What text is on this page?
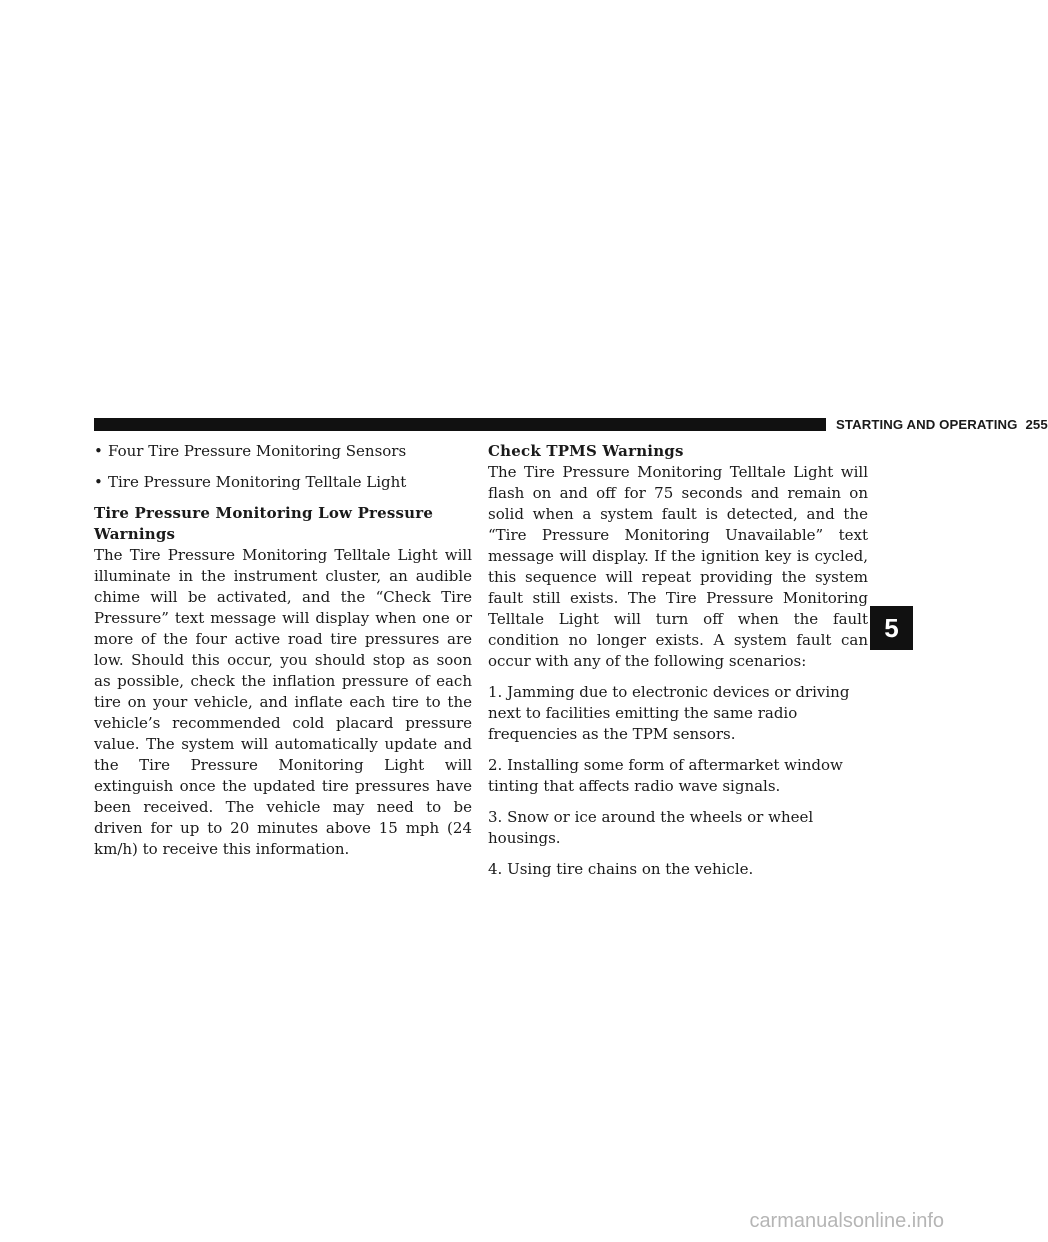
STARTING AND OPERATING 255
• Four Tire Pressure Monitoring Sensors
• Tire Pressure Monitoring Telltale Light
Tire Pressure Monitoring Low Pressure Warnings

The Tire Pressure Monitoring Telltale Light will illuminate in the instrument cluster, an audible chime will be activated, and the “Check Tire Pressure” text message will display when one or more of the four active road tire pressures are low. Should this occur, you should stop as soon as possible, check the inflation pressure of each tire on your vehicle, and inflate each tire to the vehicle’s recommended cold placard pressure value. The system will automatically update and the Tire Pressure Monitoring Light will extinguish once the updated tire pressures have been received. The vehicle may need to be driven for up to 20 minutes above 15 mph (24 km/h) to receive this information.

Check TPMS Warnings

The Tire Pressure Monitoring Telltale Light will flash on and off for 75 seconds and remain on solid when a system fault is detected, and the “Tire Pressure Monitoring Unavailable” text message will display. If the ignition key is cycled, this sequence will repeat providing the system fault still exists. The Tire Pressure Monitoring Telltale Light will turn off when the fault condition no longer exists. A system fault can occur with any of the following scenarios:

1. Jamming due to electronic devices or driving next to facilities emitting the same radio frequencies as the TPM sensors.
2. Installing some form of aftermarket window tinting that affects radio wave signals.
3. Snow or ice around the wheels or wheel housings.
4. Using tire chains on the vehicle.
5
carmanualsonline.info
